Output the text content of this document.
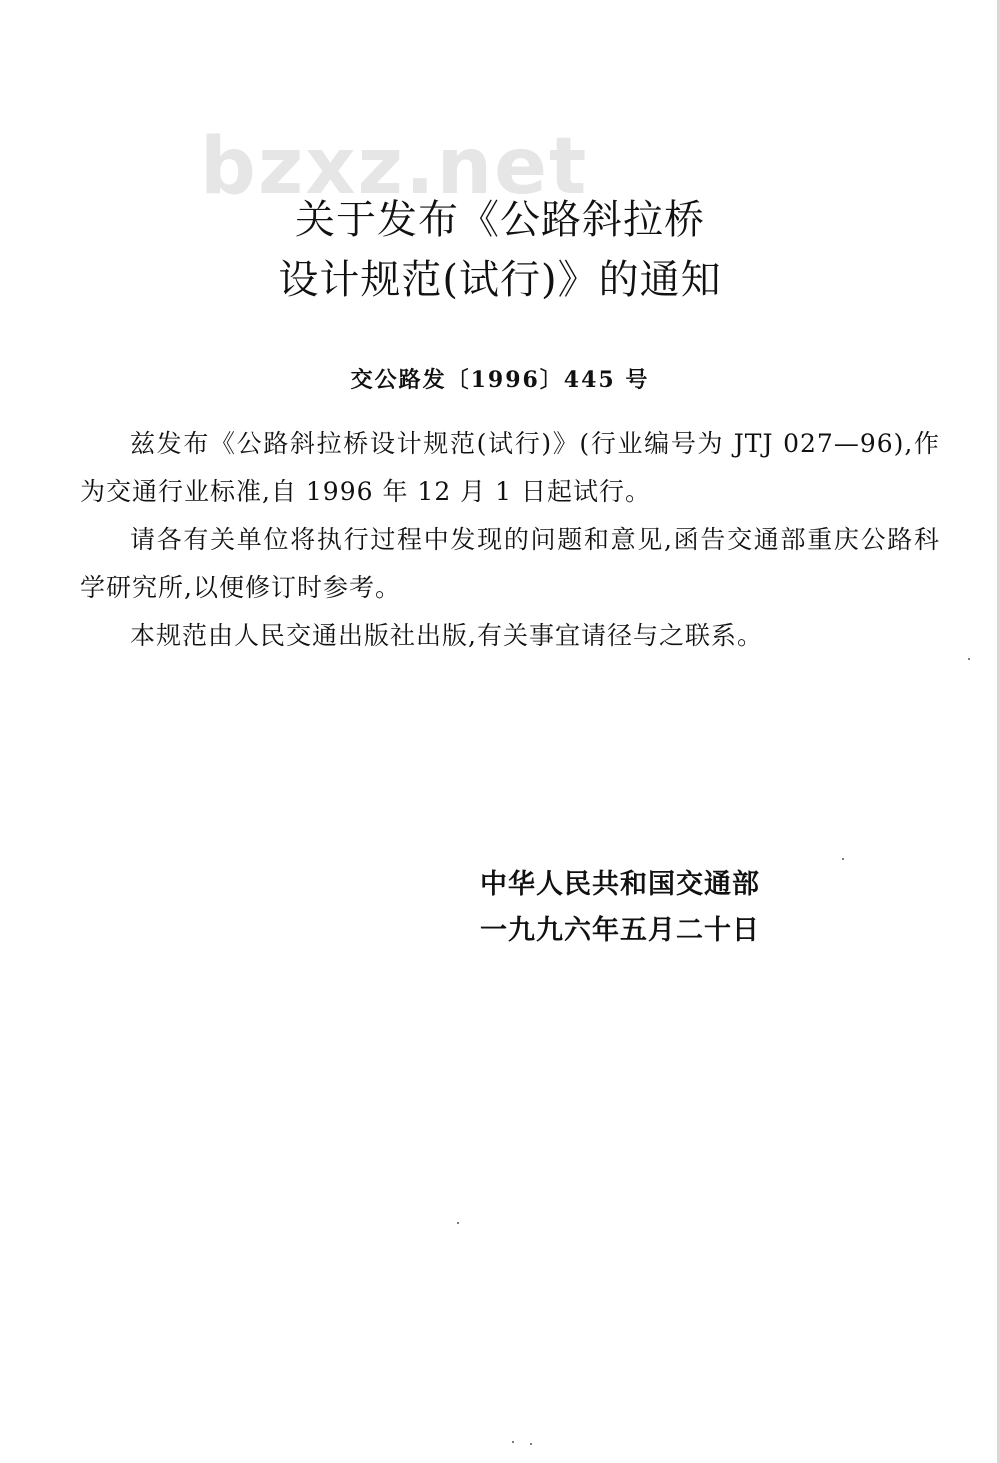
bzxz.net
关于发布《公路斜拉桥
设计规范(试行)》的通知
交公路发〔1996〕445 号

兹发布《公路斜拉桥设计规范(试行)》(行业编号为 JTJ 027—96),作为交通行业标准,自 1996 年 12 月 1 日起试行。

请各有关单位将执行过程中发现的问题和意见,函告交通部重庆公路科学研究所,以便修订时参考。

本规范由人民交通出版社出版,有关事宜请径与之联系。

中华人民共和国交通部
一九九六年五月二十日
